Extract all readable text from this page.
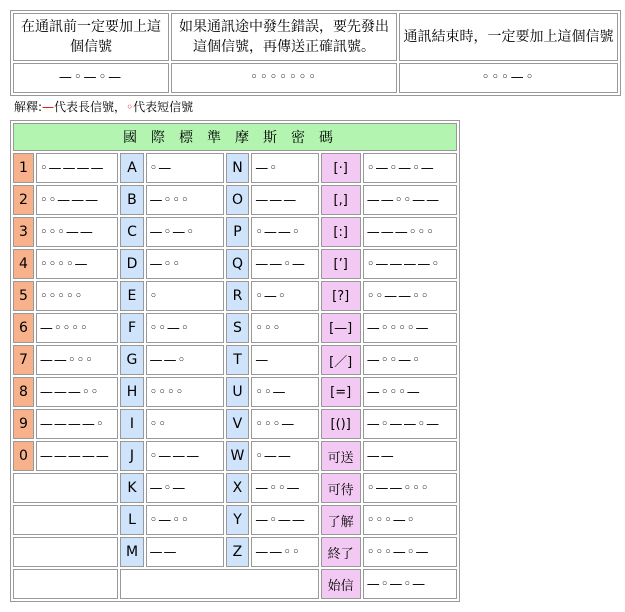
在通訊前一定要加上這個信號	如果通訊途中發生錯誤，要先發出這個信號，再傳送正確訊號。	通訊結束時，一定要加上這個信號
—◦—◦—	◦◦◦◦◦◦◦	◦◦◦—◦
解釋:—代表長信號，◦代表短信號
國際標準摩斯密碼							
1	◦————	A	◦—	N	—◦	[·]	◦—◦—◦—
2	◦◦———	B	—◦◦◦	O	———	[,]	——◦◦——
3	◦◦◦——	C	—◦—◦	P	◦——◦	[:]	———◦◦◦
4	◦◦◦◦—	D	—◦◦	Q	——◦—	[’]	◦————◦
5	◦◦◦◦◦	E	◦	R	◦—◦	[?]	◦◦——◦◦
6	—◦◦◦◦	F	◦◦—◦	S	◦◦◦	[—]	—◦◦◦◦—
7	——◦◦◦	G	——◦	T	—	[／]	—◦◦—◦
8	———◦◦	H	◦◦◦◦	U	◦◦—	[=]	—◦◦◦—
9	————◦	I	◦◦	V	◦◦◦—	[()]	—◦——◦—
0	—————	J	◦———	W	◦——	可送	——
		K	—◦—	X	—◦◦—	可待	◦——◦◦◦
		L	◦—◦◦	Y	—◦——	了解	◦◦◦—◦
		M	——	Z	——◦◦	終了	◦◦◦—◦—
						始信	—◦—◦—
